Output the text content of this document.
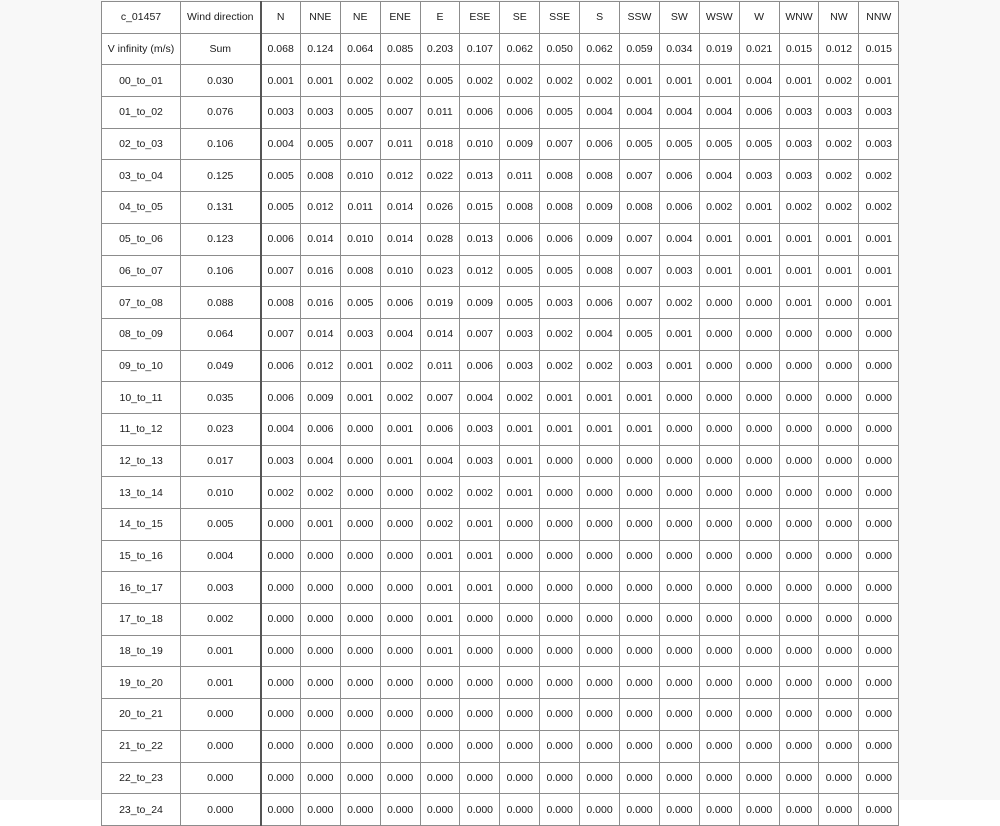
c_01457	Wind direction	N	NNE	NE	ENE	E	ESE	SE	SSE	S	SSW	SW	WSW	W	WNW	NW	NNW
V infinity (m/s)	Sum	0.068	0.124	0.064	0.085	0.203	0.107	0.062	0.050	0.062	0.059	0.034	0.019	0.021	0.015	0.012	0.015
00_to_01	0.030	0.001	0.001	0.002	0.002	0.005	0.002	0.002	0.002	0.002	0.001	0.001	0.001	0.004	0.001	0.002	0.001
01_to_02	0.076	0.003	0.003	0.005	0.007	0.011	0.006	0.006	0.005	0.004	0.004	0.004	0.004	0.006	0.003	0.003	0.003
02_to_03	0.106	0.004	0.005	0.007	0.011	0.018	0.010	0.009	0.007	0.006	0.005	0.005	0.005	0.005	0.003	0.002	0.003
03_to_04	0.125	0.005	0.008	0.010	0.012	0.022	0.013	0.011	0.008	0.008	0.007	0.006	0.004	0.003	0.003	0.002	0.002
04_to_05	0.131	0.005	0.012	0.011	0.014	0.026	0.015	0.008	0.008	0.009	0.008	0.006	0.002	0.001	0.002	0.002	0.002
05_to_06	0.123	0.006	0.014	0.010	0.014	0.028	0.013	0.006	0.006	0.009	0.007	0.004	0.001	0.001	0.001	0.001	0.001
06_to_07	0.106	0.007	0.016	0.008	0.010	0.023	0.012	0.005	0.005	0.008	0.007	0.003	0.001	0.001	0.001	0.001	0.001
07_to_08	0.088	0.008	0.016	0.005	0.006	0.019	0.009	0.005	0.003	0.006	0.007	0.002	0.000	0.000	0.001	0.000	0.001
08_to_09	0.064	0.007	0.014	0.003	0.004	0.014	0.007	0.003	0.002	0.004	0.005	0.001	0.000	0.000	0.000	0.000	0.000
09_to_10	0.049	0.006	0.012	0.001	0.002	0.011	0.006	0.003	0.002	0.002	0.003	0.001	0.000	0.000	0.000	0.000	0.000
10_to_11	0.035	0.006	0.009	0.001	0.002	0.007	0.004	0.002	0.001	0.001	0.001	0.000	0.000	0.000	0.000	0.000	0.000
11_to_12	0.023	0.004	0.006	0.000	0.001	0.006	0.003	0.001	0.001	0.001	0.001	0.000	0.000	0.000	0.000	0.000	0.000
12_to_13	0.017	0.003	0.004	0.000	0.001	0.004	0.003	0.001	0.000	0.000	0.000	0.000	0.000	0.000	0.000	0.000	0.000
13_to_14	0.010	0.002	0.002	0.000	0.000	0.002	0.002	0.001	0.000	0.000	0.000	0.000	0.000	0.000	0.000	0.000	0.000
14_to_15	0.005	0.000	0.001	0.000	0.000	0.002	0.001	0.000	0.000	0.000	0.000	0.000	0.000	0.000	0.000	0.000	0.000
15_to_16	0.004	0.000	0.000	0.000	0.000	0.001	0.001	0.000	0.000	0.000	0.000	0.000	0.000	0.000	0.000	0.000	0.000
16_to_17	0.003	0.000	0.000	0.000	0.000	0.001	0.001	0.000	0.000	0.000	0.000	0.000	0.000	0.000	0.000	0.000	0.000
17_to_18	0.002	0.000	0.000	0.000	0.000	0.001	0.000	0.000	0.000	0.000	0.000	0.000	0.000	0.000	0.000	0.000	0.000
18_to_19	0.001	0.000	0.000	0.000	0.000	0.001	0.000	0.000	0.000	0.000	0.000	0.000	0.000	0.000	0.000	0.000	0.000
19_to_20	0.001	0.000	0.000	0.000	0.000	0.000	0.000	0.000	0.000	0.000	0.000	0.000	0.000	0.000	0.000	0.000	0.000
20_to_21	0.000	0.000	0.000	0.000	0.000	0.000	0.000	0.000	0.000	0.000	0.000	0.000	0.000	0.000	0.000	0.000	0.000
21_to_22	0.000	0.000	0.000	0.000	0.000	0.000	0.000	0.000	0.000	0.000	0.000	0.000	0.000	0.000	0.000	0.000	0.000
22_to_23	0.000	0.000	0.000	0.000	0.000	0.000	0.000	0.000	0.000	0.000	0.000	0.000	0.000	0.000	0.000	0.000	0.000
23_to_24	0.000	0.000	0.000	0.000	0.000	0.000	0.000	0.000	0.000	0.000	0.000	0.000	0.000	0.000	0.000	0.000	0.000
